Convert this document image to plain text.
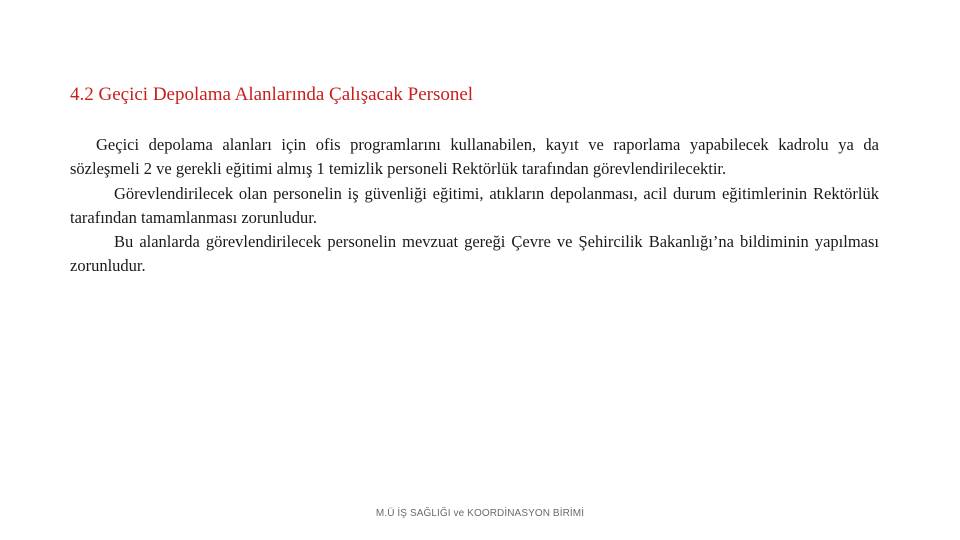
4.2 Geçici Depolama Alanlarında Çalışacak Personel

Geçici depolama alanları için ofis programlarını kullanabilen, kayıt ve raporlama yapabilecek kadrolu ya da sözleşmeli 2 ve gerekli eğitimi almış 1 temizlik personeli Rektörlük tarafından görevlendirilecektir.

Görevlendirilecek olan personelin iş güvenliği eğitimi, atıkların depolanması, acil durum eğitimlerinin Rektörlük tarafından tamamlanması zorunludur.

Bu alanlarda görevlendirilecek personelin mevzuat gereği Çevre ve Şehircilik Bakanlığı’na bildiminin yapılması zorunludur.

M.Ü İŞ SAĞLIĞI ve KOORDİNASYON BİRİMİ
